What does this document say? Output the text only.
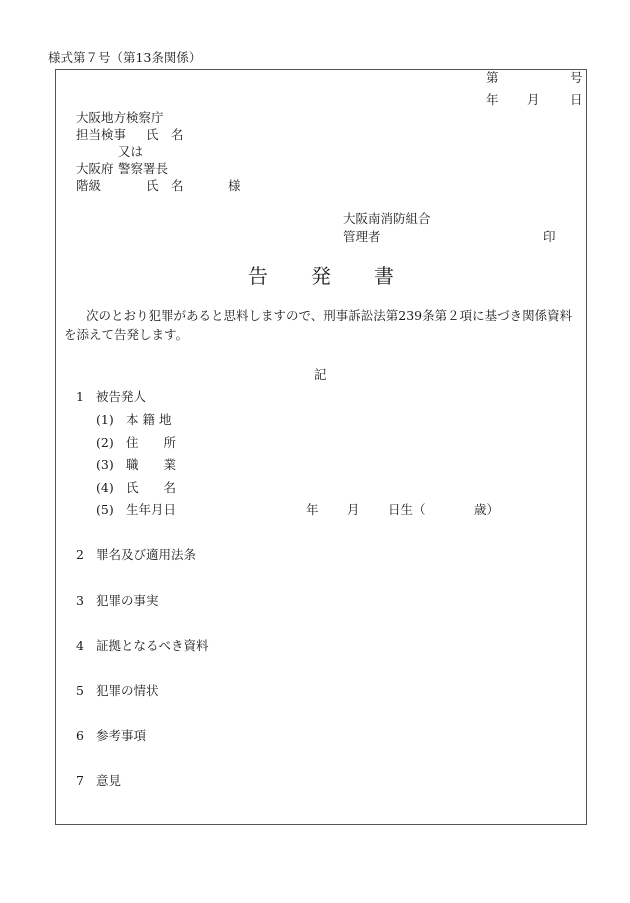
様式第７号（第13条関係）
第	号
年 月 日
大阪地方検察庁
担当検事 氏　名
又は
大阪府 警察署長
階級	氏　名	様
大阪南消防組合
管理者	印
告 発 書
次のとおり犯罪があると思料しますので、刑事訴訟法第239条第２項に基づき関係資料を添えて告発します。
記
1 被告発人
(1) 本 籍 地
(2) 住　　所
(3) 職　　業
(4) 氏　　名
(5) 生年月日	年 月 日生（	歳）
2 罪名及び適用法条
3 犯罪の事実
4 証拠となるべき資料
5 犯罪の情状
6 参考事項
7 意見
